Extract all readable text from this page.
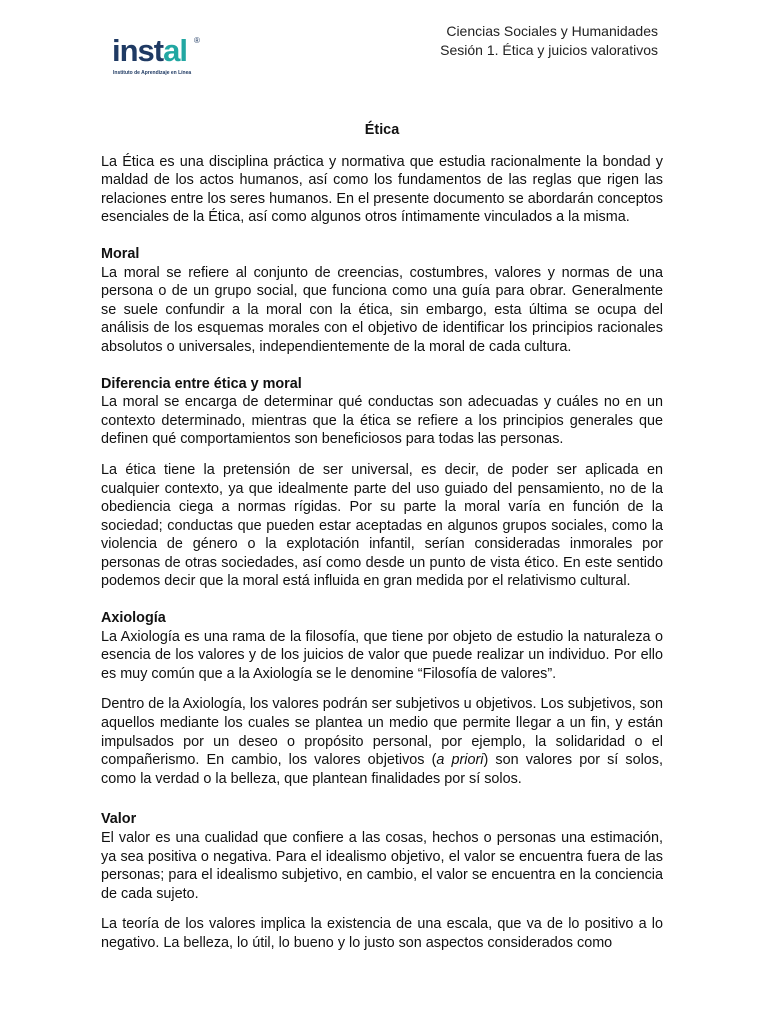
Ciencias Sociales y Humanidades
Sesión 1. Ética y juicios valorativos
instal ®
Instituto de Aprendizaje en Línea

Ética

La Ética es una disciplina práctica y normativa que estudia racionalmente la bondad y maldad de los actos humanos, así como los fundamentos de las reglas que rigen las relaciones entre los seres humanos. En el presente documento se abordarán conceptos esenciales de la Ética, así como algunos otros íntimamente vinculados a la misma.

Moral

La moral se refiere al conjunto de creencias, costumbres, valores y normas de una persona o de un grupo social, que funciona como una guía para obrar. Generalmente se suele confundir a la moral con la ética, sin embargo, esta última se ocupa del análisis de los esquemas morales con el objetivo de identificar los principios racionales absolutos o universales, independientemente de la moral de cada cultura.

Diferencia entre ética y moral

La moral se encarga de determinar qué conductas son adecuadas y cuáles no en un contexto determinado, mientras que la ética se refiere a los principios generales que definen qué comportamientos son beneficiosos para todas las personas.

La ética tiene la pretensión de ser universal, es decir, de poder ser aplicada en cualquier contexto, ya que idealmente parte del uso guiado del pensamiento, no de la obediencia ciega a normas rígidas. Por su parte la moral varía en función de la sociedad; conductas que pueden estar aceptadas en algunos grupos sociales, como la violencia de género o la explotación infantil, serían consideradas inmorales por personas de otras sociedades, así como desde un punto de vista ético. En este sentido podemos decir que la moral está influida en gran medida por el relativismo cultural.

Axiología

La Axiología es una rama de la filosofía, que tiene por objeto de estudio la naturaleza o esencia de los valores y de los juicios de valor que puede realizar un individuo. Por ello es muy común que a la Axiología se le denomine “Filosofía de valores”.

Dentro de la Axiología, los valores podrán ser subjetivos u objetivos. Los subjetivos, son aquellos mediante los cuales se plantea un medio que permite llegar a un fin, y están impulsados por un deseo o propósito personal, por ejemplo, la solidaridad o el compañerismo. En cambio, los valores objetivos (a priori) son valores por sí solos, como la verdad o la belleza, que plantean finalidades por sí solos.

Valor

El valor es una cualidad que confiere a las cosas, hechos o personas una estimación, ya sea positiva o negativa. Para el idealismo objetivo, el valor se encuentra fuera de las personas; para el idealismo subjetivo, en cambio, el valor se encuentra en la conciencia de cada sujeto.

La teoría de los valores implica la existencia de una escala, que va de lo positivo a lo negativo. La belleza, lo útil, lo bueno y lo justo son aspectos considerados como
